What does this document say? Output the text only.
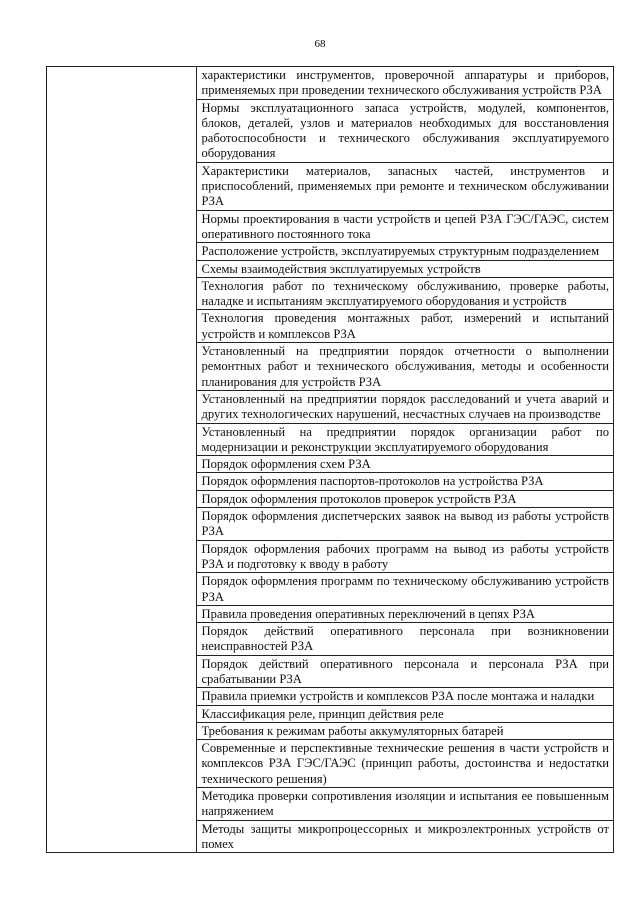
68
характеристики инструментов, проверочной аппаратуры и приборов, применяемых при проведении технического обслуживания устройств РЗА
Нормы эксплуатационного запаса устройств, модулей, компонентов, блоков, деталей, узлов и материалов необходимых для восстановления работоспособности и технического обслуживания эксплуатируемого оборудования
Характеристики материалов, запасных частей, инструментов и приспособлений, применяемых при ремонте и техническом обслуживании РЗА
Нормы проектирования в части устройств и цепей РЗА ГЭС/ГАЭС, систем оперативного постоянного тока
Расположение устройств, эксплуатируемых структурным подразделением
Схемы взаимодействия эксплуатируемых устройств
Технология работ по техническому обслуживанию, проверке работы, наладке и испытаниям эксплуатируемого оборудования и устройств
Технология проведения монтажных работ, измерений и испытаний устройств и комплексов РЗА
Установленный на предприятии порядок отчетности о выполнении ремонтных работ и технического обслуживания, методы и особенности планирования для устройств РЗА
Установленный на предприятии порядок расследований и учета аварий и других технологических нарушений, несчастных случаев на производстве
Установленный на предприятии порядок организации работ по модернизации и реконструкции эксплуатируемого оборудования
Порядок оформления схем РЗА
Порядок оформления паспортов-протоколов на устройства РЗА
Порядок оформления протоколов проверок устройств РЗА
Порядок оформления диспетчерских заявок на вывод из работы устройств РЗА
Порядок оформления рабочих программ на вывод из работы устройств РЗА и подготовку к вводу в работу
Порядок оформления программ по техническому обслуживанию устройств РЗА
Правила проведения оперативных переключений в цепях РЗА
Порядок действий оперативного персонала при возникновении неисправностей РЗА
Порядок действий оперативного персонала и персонала РЗА при срабатывании РЗА
Правила приемки устройств и комплексов РЗА после монтажа и наладки
Классификация реле, принцип действия реле
Требования к режимам работы аккумуляторных батарей
Современные и перспективные технические решения в части устройств и комплексов РЗА ГЭС/ГАЭС (принцип работы, достоинства и недостатки технического решения)
Методика проверки сопротивления изоляции и испытания ее повышенным напряжением
Методы защиты микропроцессорных и микроэлектронных устройств от помех
